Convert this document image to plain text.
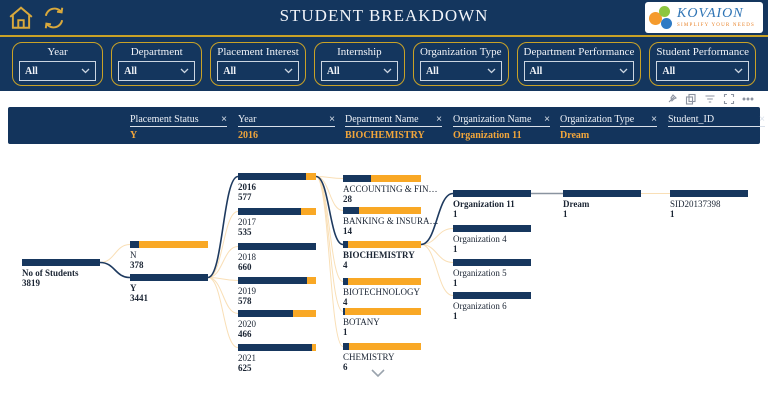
STUDENT BREAKDOWN	KOVAION
SIMPLIFY YOUR NEEDS
Year
All
Department
All
Placement Interest
All
Internship
All
Organization Type
All
Department Performance
All
Student Performance
All
Placement Status ×
Y
Year	×
2016
Department Name ×
BIOCHEMISTRY
Organization Name ×
Organization 11
Organization Type ×
Dream
Student_ID	×
No of Students
3819
N
378
Y
3441
2016
577
2017
535
2018
660
2019
578
2020
466
2021
625
ACCOUNTING & FIN…
28
BANKING & INSURA…
14
BIOCHEMISTRY
4
BIOTECHNOLOGY
4
BOTANY
1
CHEMISTRY
6
Organization 11
1
Organization 4
1
Organization 5
1
Organization 6
1
Dream
1
SID20137398
1
